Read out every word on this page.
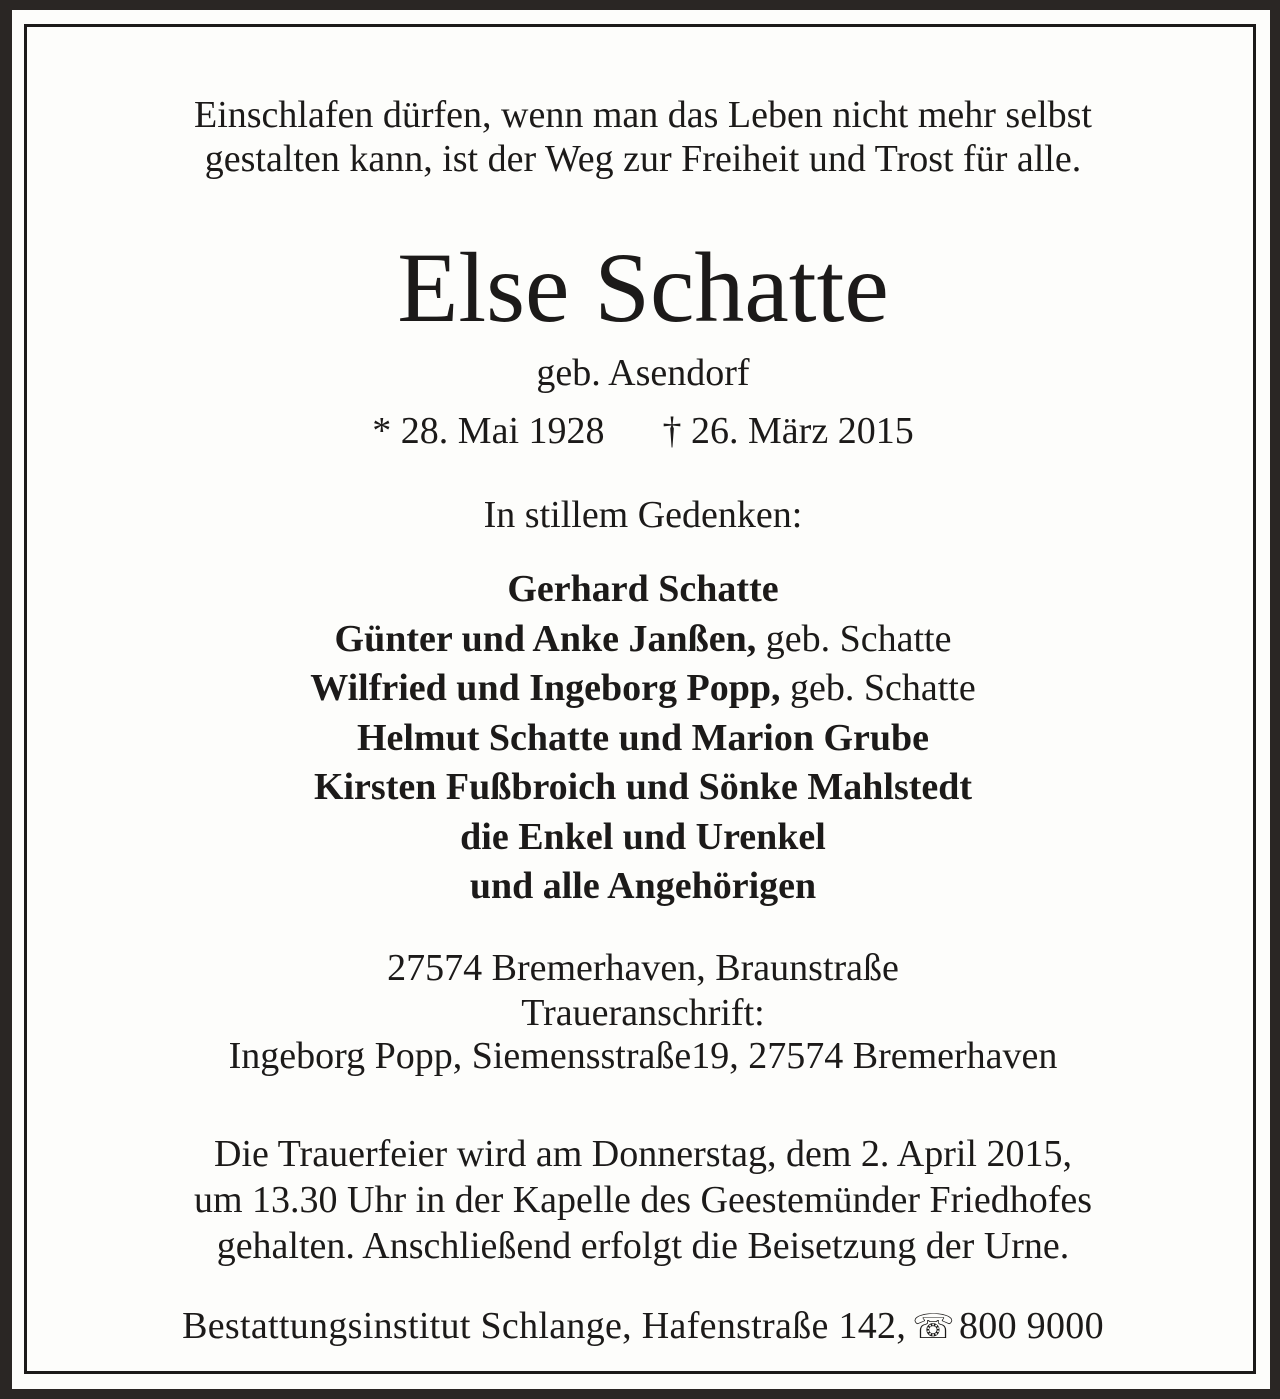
Einschlafen dürfen, wenn man das Leben nicht mehr selbst
gestalten kann, ist der Weg zur Freiheit und Trost für alle.
Else Schatte
geb. Asendorf
* 28. Mai 1928 † 26. März 2015
In stillem Gedenken:
Gerhard Schatte
Günter und Anke Janßen, geb. Schatte
Wilfried und Ingeborg Popp, geb. Schatte
Helmut Schatte und Marion Grube
Kirsten Fußbroich und Sönke Mahlstedt
die Enkel und Urenkel
und alle Angehörigen
27574 Bremerhaven, Braunstraße
Traueranschrift:
Ingeborg Popp, Siemensstraße19, 27574 Bremerhaven
Die Trauerfeier wird am Donnerstag, dem 2. April 2015,
um 13.30 Uhr in der Kapelle des Geestemünder Friedhofes
gehalten. Anschließend erfolgt die Beisetzung der Urne.
Bestattungsinstitut Schlange, Hafenstraße 142, ☏ 800 9000
